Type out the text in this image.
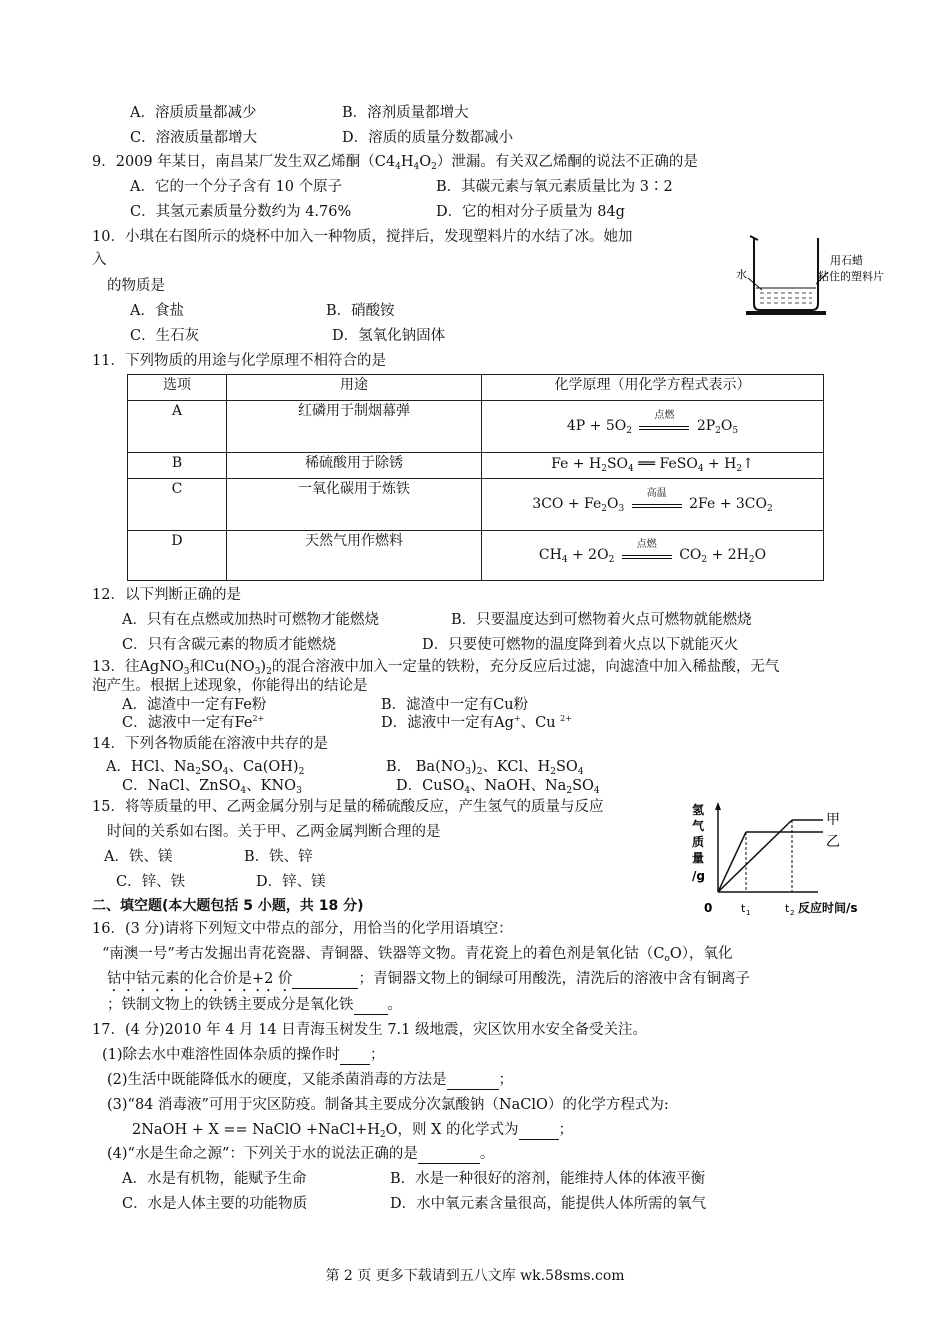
A．溶质质量都减少	B．溶剂质量都增大
C．溶液质量都增大	D．溶质的质量分数都减小
9．2009 年某日，南昌某厂发生双乙烯酮$(C4_4H_4O_2)$泄漏。有关双乙烯酮的说法不正确的是
A．它的一个分子含有 10 个原子	B．其碳元素与氧元素质量比为 3∶2
C．其氢元素质量分数约为 4.76%	D．它的相对分子质量为 84g
10．小琪在右图所示的烧杯中加入一种物质，搅拌后，发现塑料片的水结了冰。她加
入
的物质是
A．食盐	B．硝酸铵
C．生石灰	D．氢氧化钠固体
水
用石蜡
粘住的塑料片
11．下列物质的用途与化学原理不相符合的是
选项	用途	化学原理（用化学方程式表示）
A	红磷用于制烟幕弹	$4P + 5O_2$
点燃
$2P_2O_5$
B	稀硫酸用于除锈	$Fe + H_2SO_4$ ══ FeSO$_4$ + $H_2↑$
C	一氧化碳用于炼铁	$3CO + Fe_2O_3$
高温
$2Fe + 3CO_2$
D	天然气用作燃料	$CH_4 + 2O_2$
点燃
$CO_2 + 2H_2O$
12．以下判断正确的是
A．只有在点燃或加热时可燃物才能燃烧	B．只要温度达到可燃物着火点可燃物就能燃烧
C．只有含碳元素的物质才能燃烧	D．只要使可燃物的温度降到着火点以下就能灭火
13．往AgNO$_3$和$Cu(NO_3)_2$的混合溶液中加入一定量的铁粉，充分反应后过滤，向滤渣中加入稀盐酸，无气
泡产生。根据上述现象，你能得出的结论是
A．滤渣中一定有Fe粉	B．滤渣中一定有Cu粉
C．滤液中一定有$Fe^{2+}$	D．滤液中一定有Ag+、Cu $^{2+}$
14．下列各物质能在溶液中共存的是
A．HCl、$Na_2SO_4$、$Ca(OH)_2$	B． $Ba(NO_3)_2$、KCl、$H_2SO_4$
C．NaCl、ZnSO$_4$、$KNO_3$	D．CuSO$_4$、NaOH、$Na_2SO_4$
15．将等质量的甲、乙两金属分别与足量的稀硫酸反应，产生氢气的质量与反应
时间的关系如右图。关于甲、乙两金属判断合理的是
A．铁、镁	B．铁、锌
C．锌、铁	D．锌、镁
氢
气
质
量
/g
0
甲
乙
t 1	t 2 反应时间/s
二、填空题(本大题包括 5 小题，共 18 分)
16．(3 分)请将下列短文中带点的部分，用恰当的化学用语填空：
“南澳一号”考古发掘出青花瓷器、青铜器、铁器等文物。青花瓷上的着色剂是氧化钴$(C_oO)$，氧化
钴中钴元素的化合价是+2 价	；青铜器文物上的铜绿可用酸洗，清洗后的溶液中含有铜离子
；铁制文物上的铁锈主要成分是氧化铁 。
17．(4 分)2010 年 4 月 14 日青海玉树发生 7.1 级地震，灾区饮用水安全备受关注。
(1)除去水中难溶性固体杂质的操作时 ；
(2)生活中既能降低水的硬度，又能杀菌消毒的方法是	；
(3)“84 消毒液”可用于灾区防疫。制备其主要成分次氯酸钠（NaClO）的化学方程式为:
2NaOH + X == NaClO $+NaCl+H_2O$，则 X 的化学式为	；
(4)“水是生命之源”：下列关于水的说法正确的是	。
A．水是有机物，能赋予生命	B．水是一种很好的溶剂，能维持人体的体液平衡
C．水是人体主要的功能物质	D．水中氧元素含量很高，能提供人体所需的氧气
第 2 页 更多下载请到五八文库 wk.58sms.com
